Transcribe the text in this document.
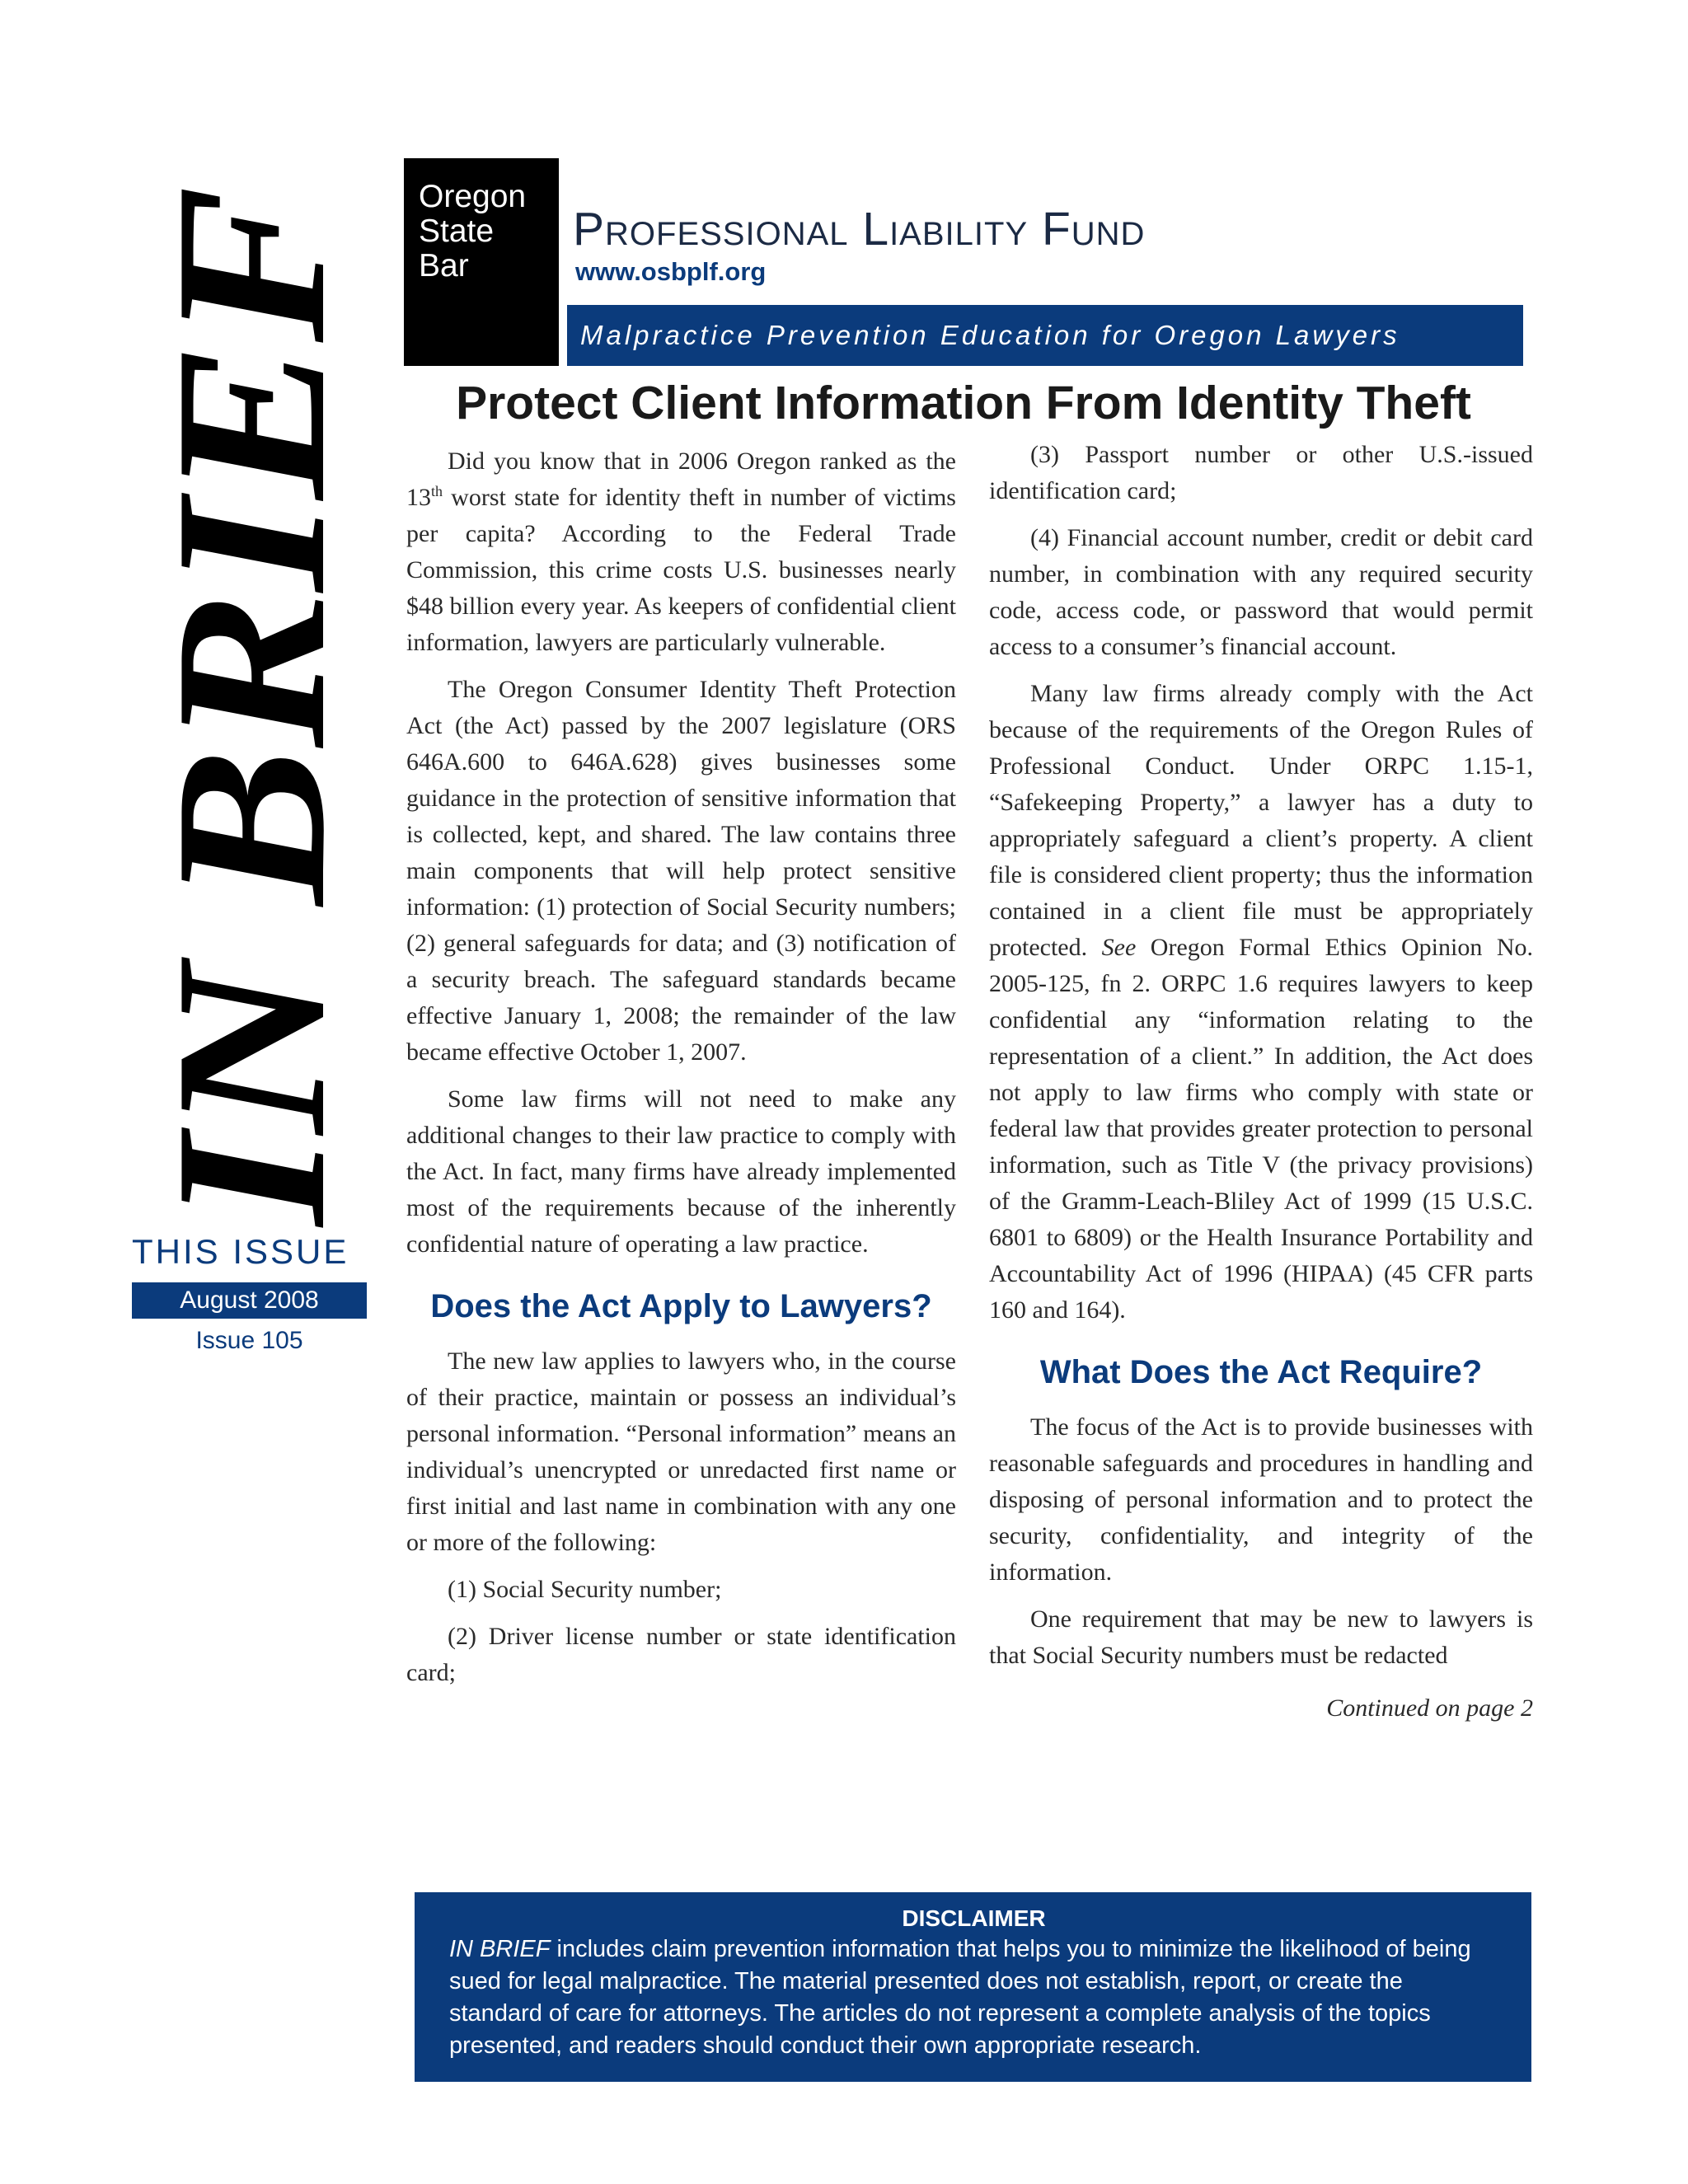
IN BRIEF
THIS ISSUE
August 2008
Issue 105
Oregon
State
Bar
Professional Liability Fund
www.osbplf.org
Malpractice Prevention Education for Oregon Lawyers
Protect Client Information From Identity Theft

Did you know that in 2006 Oregon ranked as the 13th worst state for identity theft in number of victims per capita? According to the Federal Trade Commission, this crime costs U.S. businesses nearly $48 billion every year. As keepers of confidential client information, lawyers are particularly vulnerable.

The Oregon Consumer Identity Theft Protection Act (the Act) passed by the 2007 legislature (ORS 646A.600 to 646A.628) gives businesses some guidance in the protection of sensitive information that is collected, kept, and shared. The law contains three main components that will help protect sensitive information: (1) protection of Social Security numbers; (2) general safeguards for data; and (3) notification of a security breach. The safeguard standards became effective January 1, 2008; the remainder of the law became effective October 1, 2007.

Some law firms will not need to make any additional changes to their law practice to comply with the Act. In fact, many firms have already implemented most of the requirements because of the inherently confidential nature of operating a law practice.

Does the Act Apply to Lawyers?

The new law applies to lawyers who, in the course of their practice, maintain or possess an individual’s personal information. “Personal information” means an individual’s unencrypted or unredacted first name or first initial and last name in combination with any one or more of the following:

(1) Social Security number;

(2) Driver license number or state identification card;

(3) Passport number or other U.S.-issued identification card;

(4) Financial account number, credit or debit card number, in combination with any required security code, access code, or password that would permit access to a consumer’s financial account.

Many law firms already comply with the Act because of the requirements of the Oregon Rules of Professional Conduct. Under ORPC 1.15-1, “Safekeeping Property,” a lawyer has a duty to appropriately safeguard a client’s property. A client file is considered client property; thus the information contained in a client file must be appropriately protected. See Oregon Formal Ethics Opinion No. 2005-125, fn 2. ORPC 1.6 requires lawyers to keep confidential any “information relating to the representation of a client.” In addition, the Act does not apply to law firms who comply with state or federal law that provides greater protection to personal information, such as Title V (the privacy provisions) of the Gramm-Leach-Bliley Act of 1999 (15 U.S.C. 6801 to 6809) or the Health Insurance Portability and Accountability Act of 1996 (HIPAA) (45 CFR parts 160 and 164).

What Does the Act Require?

The focus of the Act is to provide businesses with reasonable safeguards and procedures in handling and disposing of personal information and to protect the security, confidentiality, and integrity of the information.

One requirement that may be new to lawyers is that Social Security numbers must be redacted

Continued on page 2
DISCLAIMER
IN BRIEF includes claim prevention information that helps you to minimize the likelihood of being sued for legal malpractice. The material presented does not establish, report, or create the standard of care for attorneys. The articles do not represent a complete analysis of the topics presented, and readers should conduct their own appropriate research.
